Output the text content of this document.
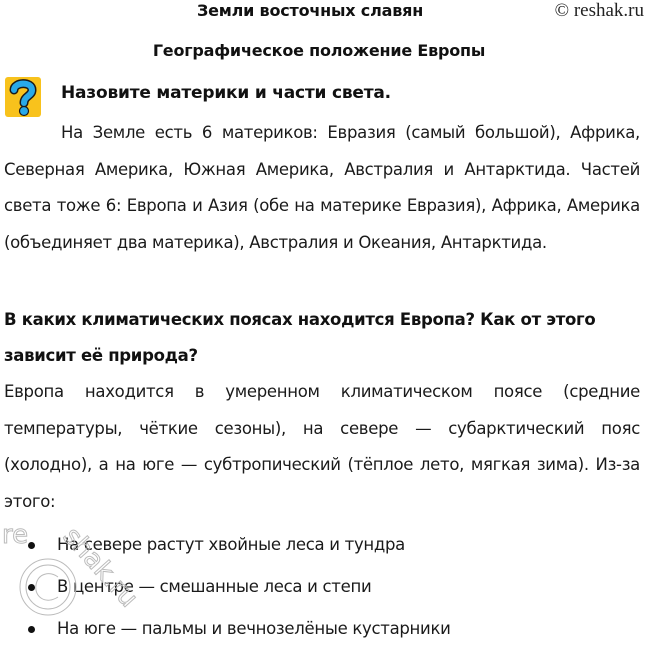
© reshak.ru
Земли восточных славян
Географическое положение Европы
Назовите материки и части света.
На Земле есть 6 материков: Евразия (самый большой), Африка, Северная Америка, Южная Америка, Австралия и Антарктида. Частей света тоже 6: Европа и Азия (обе на материке Евразия), Африка, Америка (объединяет два материка), Австралия и Океания, Антарктида.
В каких климатических поясах находится Европа? Как от этого зависит её природа?
Европа находится в умеренном климатическом поясе (средние температуры, чёткие сезоны), на севере — субарктический пояс (холодно), а на юге — субтропический (тёплое лето, мягкая зима). Из-за этого:
На севере растут хвойные леса и тундра
В центре — смешанные леса и степи
На юге — пальмы и вечнозелёные кустарники
re shak.ru
